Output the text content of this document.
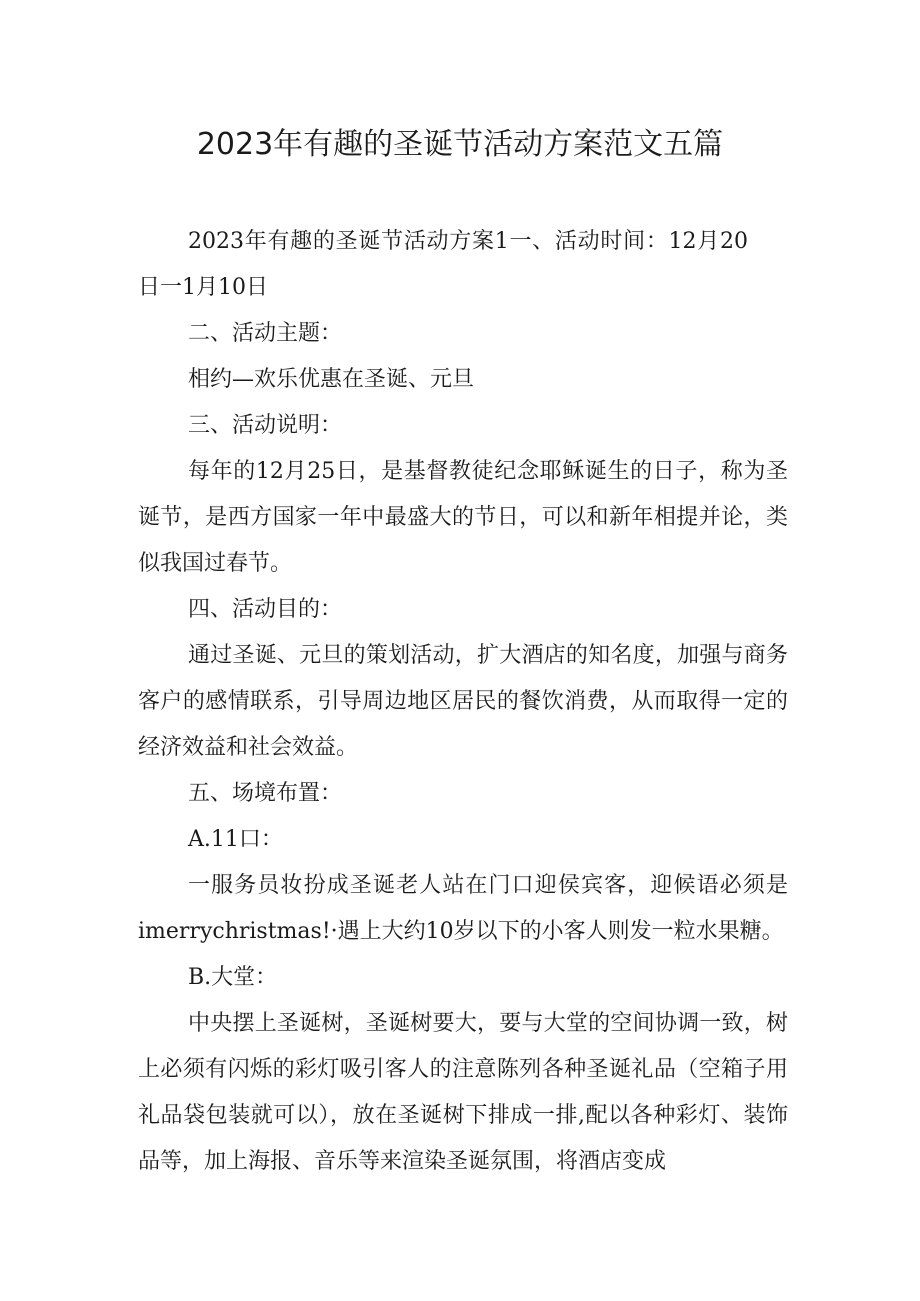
2023年有趣的圣诞节活动方案范文五篇

2023年有趣的圣诞节活动方案1一、活动时间：12月20日一1月10日

二、活动主题：

相约—欢乐优惠在圣诞、元旦

三、活动说明：

每年的12月25日，是基督教徒纪念耶稣诞生的日子，称为圣诞节，是西方国家一年中最盛大的节日，可以和新年相提并论，类似我国过春节。

四、活动目的：

通过圣诞、元旦的策划活动，扩大酒店的知名度，加强与商务客户的感情联系，引导周边地区居民的餐饮消费，从而取得一定的经济效益和社会效益。

五、场境布置：

A.11口：

一服务员妆扮成圣诞老人站在门口迎侯宾客，迎候语必须是imerrychristmas!·遇上大约10岁以下的小客人则发一粒水果糖。

B.大堂：

中央摆上圣诞树，圣诞树要大，要与大堂的空间协调一致，树上必须有闪烁的彩灯吸引客人的注意陈列各种圣诞礼品（空箱子用礼品袋包装就可以），放在圣诞树下排成一排,配以各种彩灯、装饰品等，加上海报、音乐等来渲染圣诞氛围，将酒店变成
